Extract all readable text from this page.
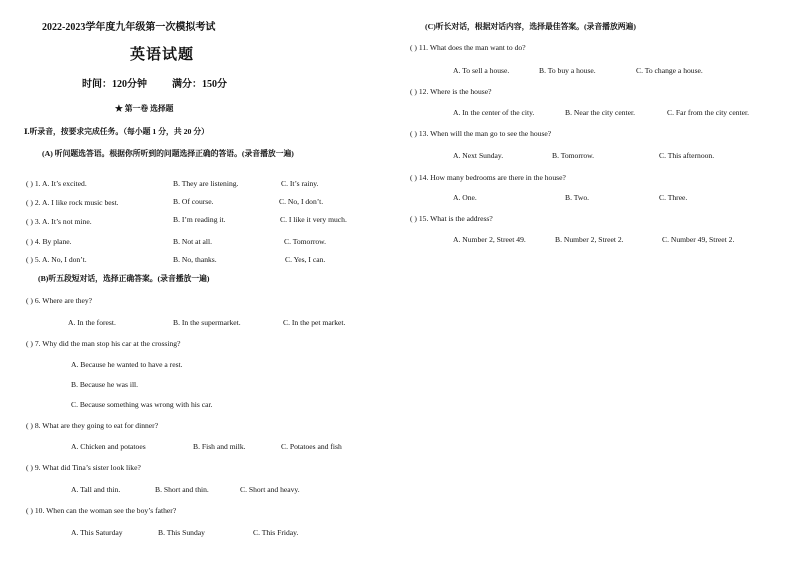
2022-2023学年度九年级第一次模拟考试
英语试题
时间：120分钟	满分：150分
★ 第一卷 选择题
Ⅰ.听录音，按要求完成任务。（每小题 1 分，共 20 分）
(A) 听问题选答语。根据你所听到的问题选择正确的答语。(录音播放一遍)
( ) 1. A. It’s excited.	B. They are listening.	C. It’s rainy.
( ) 2. A. I like rock music best.	B. Of course.	C. No, I don’t.
( ) 3. A. It’s not mine.	B. I’m reading it.	C. I like it very much.
( ) 4. By plane.	B. Not at all.	C. Tomorrow.
( ) 5. A. No, I don’t.	B. No, thanks.	C. Yes, I can.
(B)听五段短对话，选择正确答案。(录音播放一遍)
( ) 6. Where are they?
A. In the forest.	B. In the supermarket.	C. In the pet market.
( ) 7. Why did the man stop his car at the crossing?
A. Because he wanted to have a rest.
B. Because he was ill.
C. Because something was wrong with his car.
( ) 8. What are they going to eat for dinner?
A. Chicken and potatoes	B. Fish and milk.	C. Potatoes and fish
( ) 9. What did Tina’s sister look like?
A. Tall and thin.	B. Short and thin.	C. Short and heavy.
( ) 10. When can the woman see the boy’s father?
A. This Saturday	B. This Sunday	C. This Friday.
(C)听长对话，根据对话内容，选择最佳答案。(录音播放两遍)
( ) 11. What does the man want to do?
A. To sell a house.	B. To buy a house.	C. To change a house.
( ) 12. Where is the house?
A. In the center of the city.	B. Near the city center.	C. Far from the city center.
( ) 13. When will the man go to see the house?
A. Next Sunday.	B. Tomorrow.	C. This afternoon.
( ) 14. How many bedrooms are there in the house?
A. One.	B. Two.	C. Three.
( ) 15. What is the address?
A. Number 2, Street 49.	B. Number 2, Street 2.	C. Number 49, Street 2.
